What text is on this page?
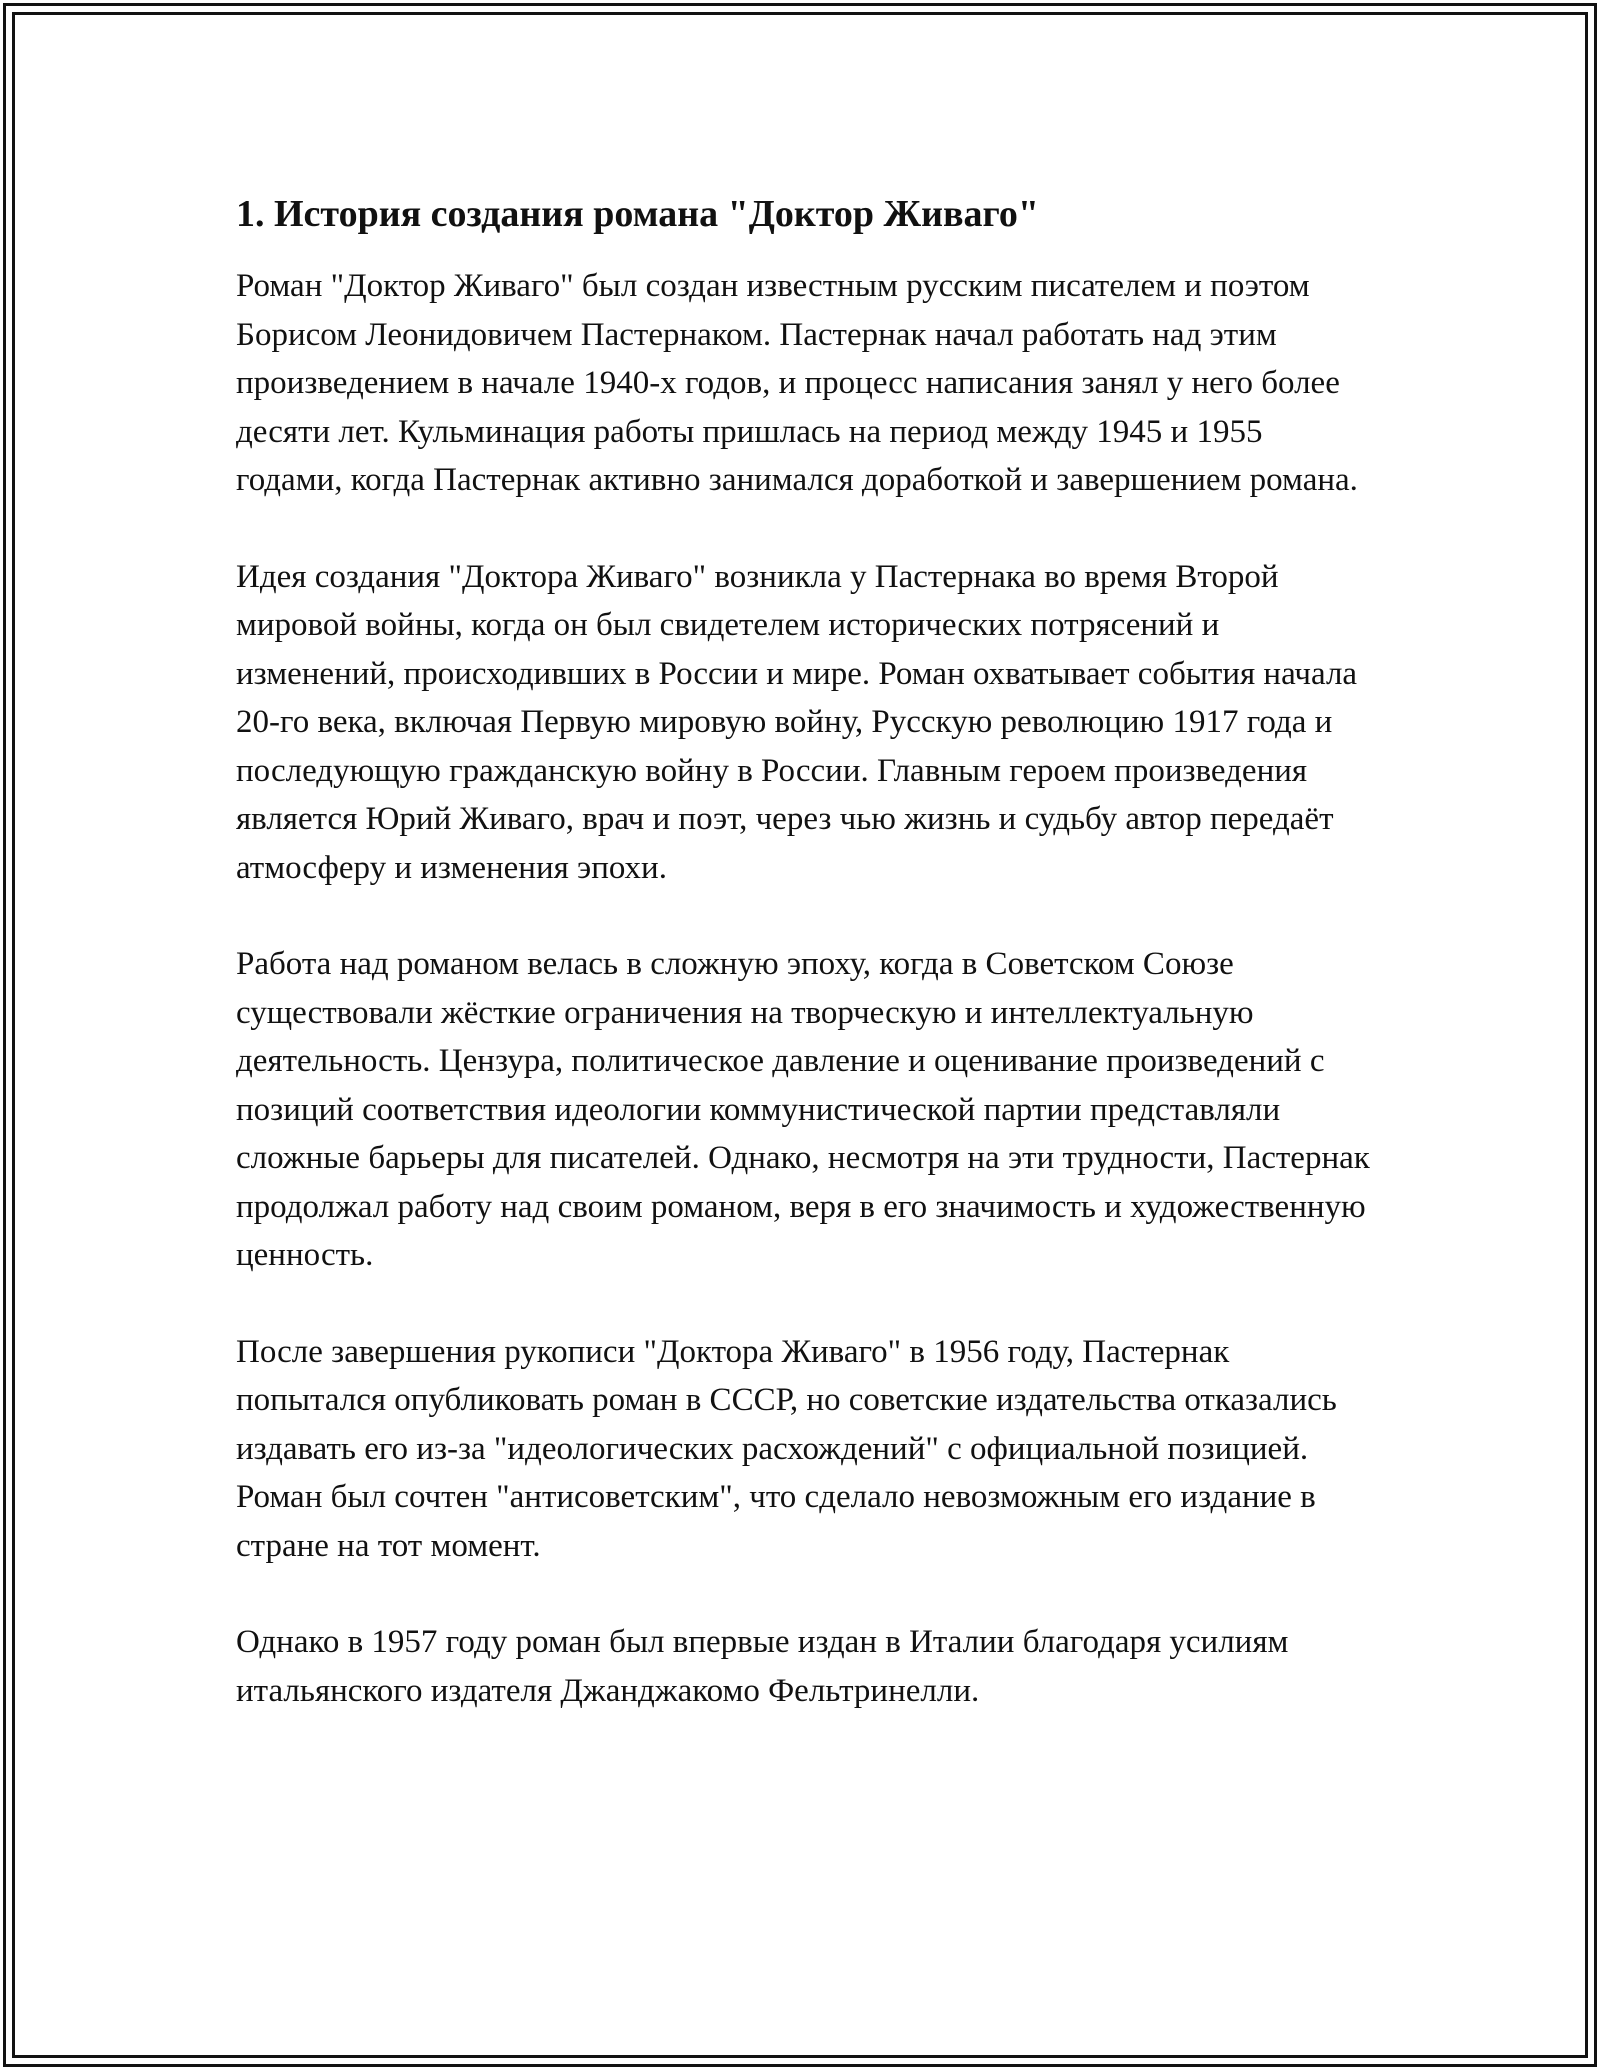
1. История создания романа "Доктор Живаго"

Роман "Доктор Живаго" был создан известным русским писателем и поэтом Борисом Леонидовичем Пастернаком. Пастернак начал работать над этим произведением в начале 1940-х годов, и процесс написания занял у него более десяти лет. Кульминация работы пришлась на период между 1945 и 1955 годами, когда Пастернак активно занимался доработкой и завершением романа.

Идея создания "Доктора Живаго" возникла у Пастернака во время Второй мировой войны, когда он был свидетелем исторических потрясений и изменений, происходивших в России и мире. Роман охватывает события начала 20-го века, включая Первую мировую войну, Русскую революцию 1917 года и последующую гражданскую войну в России. Главным героем произведения является Юрий Живаго, врач и поэт, через чью жизнь и судьбу автор передаёт атмосферу и изменения эпохи.

Работа над романом велась в сложную эпоху, когда в Советском Союзе существовали жёсткие ограничения на творческую и интеллектуальную деятельность. Цензура, политическое давление и оценивание произведений с позиций соответствия идеологии коммунистической партии представляли сложные барьеры для писателей. Однако, несмотря на эти трудности, Пастернак продолжал работу над своим романом, веря в его значимость и художественную ценность.

После завершения рукописи "Доктора Живаго" в 1956 году, Пастернак попытался опубликовать роман в СССР, но советские издательства отказались издавать его из-за "идеологических расхождений" с официальной позицией. Роман был сочтен "антисоветским", что сделало невозможным его издание в стране на тот момент.

Однако в 1957 году роман был впервые издан в Италии благодаря усилиям итальянского издателя Джанджакомо Фельтринелли.
